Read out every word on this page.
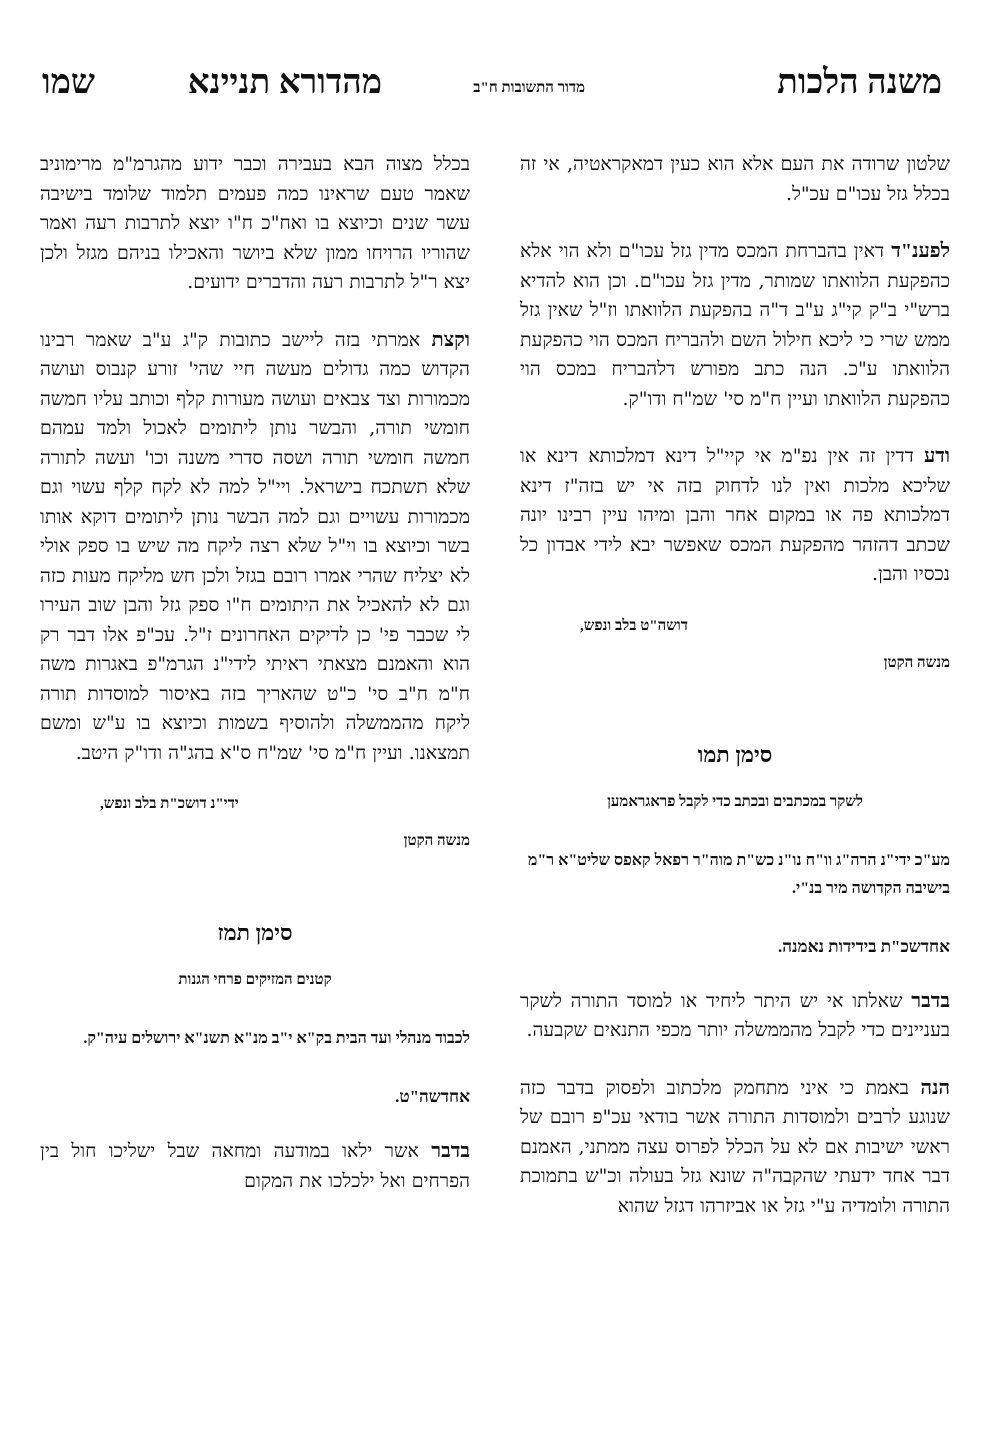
משנה הלכות
מדור התשובות ח"ב
מהדורא תניינא
שמו

שלטון שרודה את העם אלא הוא כעין דמאקראטיה, אי זה בכלל גזל עכו"ם עכ"ל.

לפענ"ד דאין בהברחת המכס מדין גזל עכו"ם ולא הוי אלא כהפקעת הלוואתו שמותר, מדין גזל עכו"ם. וכן הוא להדיא ברש"י ב"ק קי"ג ע"ב ד"ה בהפקעת הלוואתו וז"ל שאין גזל ממש שרי כי ליכא חילול השם ולהבריח המכס הוי כהפקעת הלוואתו ע"כ. הנה כתב מפורש דלהבריח במכס הוי כהפקעת הלוואתו ועיין ח"מ סי' שמ"ח ודו"ק.

ודע דדין זה אין נפ"מ אי קיי"ל דינא דמלכותא דינא או שליכא מלכות ואין לנו לדחוק בזה אי יש בזה"ז דינא דמלכותא פה או במקום אחר והבן ומיהו עיין רבינו יונה שכתב דהזהר מהפקעת המכס שאפשר יבא לידי אבדון כל נכסיו והבן.

דושה"ט בלב ונפש,

מנשה הקטן

סימן תמו
לשקר במכתבים ובכתב כדי לקבל פראגראמען

מע"כ ידי"נ הרה"ג וו"ח נו"נ כש"ת מוה"ר רפאל קאפס שליט"א ר"מ בישיבה הקדושה מיר בנ"י.

אחדשכ"ת בידידות נאמנה.

בדבר שאלתו אי יש היתר ליחיד או למוסד התורה לשקר בעניינים כדי לקבל מהממשלה יותר מכפי התנאים שקבעה.

הנה באמת כי איני מתחמק מלכתוב ולפסוק בדבר כזה שנוגע לרבים ולמוסדות התורה אשר בודאי עכ"פ רובם של ראשי ישיבות אם לא על הכלל לפרוס עצה ממתני, האמנם דבר אחד ידעתי שהקבה"ה שונא גזל בעולה וכ"ש בתמוכת התורה ולומדיה ע"י גזל או אביזרהו דגזל שהוא

בכלל מצוה הבא בעבירה וכבר ידוע מהגרמ"מ מרימוניב שאמר טעם שראינו כמה פעמים תלמוד שלומד בישיבה עשר שנים וכיוצא בו ואח"כ ח"ו יוצא לתרבות רעה ואמר שהוריו הרויחו ממון שלא ביושר והאכילו בניהם מגזל ולכן יצא ר"ל לתרבות רעה והדברים ידועים.

וקצת אמרתי בזה ליישב כתובות ק"ג ע"ב שאמר רבינו הקדוש כמה גדולים מעשה חיי שהי' זורע קנבוס ועושה מכמורות וצד צבאים ועושה מעורות קלף וכותב עליו חמשה חומשי תורה, והבשר נותן ליתומים לאכול ולמד עמהם חמשה חומשי תורה ושסה סדרי משנה וכו' ועשה לתורה שלא תשתכח בישראל. ויי"ל למה לא לקח קלף עשוי וגם מכמורות עשויים וגם למה הבשר נותן ליתומים דוקא אותו בשר וכיוצא בו וי"ל שלא רצה ליקח מה שיש בו ספק אולי לא יצליח שהרי אמרו רובם בגזל ולכן חש מליקח מעות כזה וגם לא להאכיל את היתומים ח"ו ספק גזל והבן שוב העירו לי שכבר פי' כן לדיקים האחרונים ז"ל. עכ"פ אלו דבר רק הוא והאמנם מצאתי ראיתי לידי"נ הגרמ"פ באגרות משה ח"מ ח"ב סי' כ"ט שהאריך בזה באיסור למוסדות תורה ליקח מהממשלה ולהוסיף בשמות וכיוצא בו ע"ש ומשם תמצאנו. ועיין ח"מ סי' שמ"ח ס"א בהג"ה ודו"ק היטב.

ידי"נ דושכ"ת בלב ונפש,

מנשה הקטן

סימן תמז
קטנים המזיקים פרחי הגנות

לכבוד מנהלי ועד הבית בק"א י"ב מנ"א תשנ"א ירושלים עיה"ק.

אחדשה"ט.

בדבר אשר ילאו במודעה ומחאה שבל ישליכו חול בין הפרחים ואל ילכלכו את המקום
